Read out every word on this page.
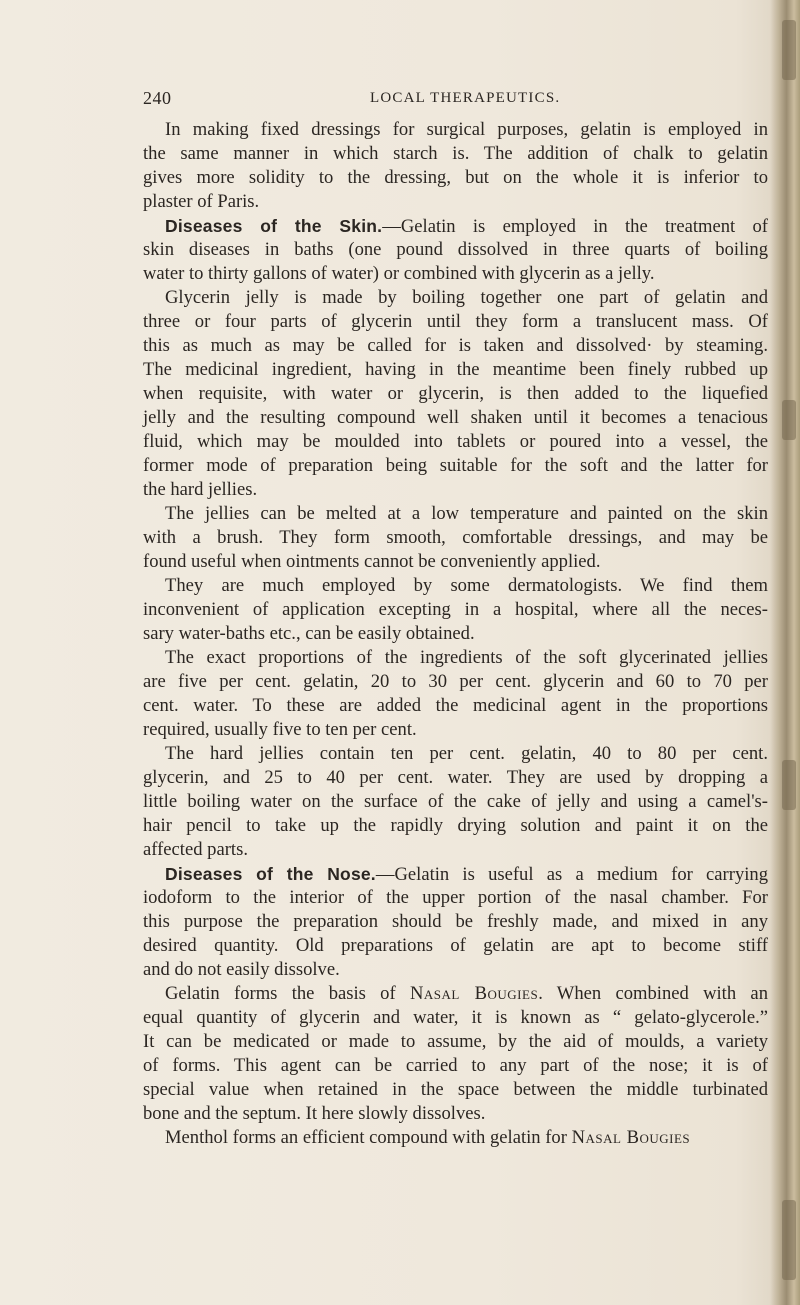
240	LOCAL THERAPEUTICS.
In making fixed dressings for surgical purposes, gelatin is employed in
the same manner in which starch is. The addition of chalk to gelatin
gives more solidity to the dressing, but on the whole it is inferior to
plaster of Paris.
Diseases of the Skin.—Gelatin is employed in the treatment of
skin diseases in baths (one pound dissolved in three quarts of boiling
water to thirty gallons of water) or combined with glycerin as a jelly.
Glycerin jelly is made by boiling together one part of gelatin and
three or four parts of glycerin until they form a translucent mass. Of
this as much as may be called for is taken and dissolved· by steaming.
The medicinal ingredient, having in the meantime been finely rubbed up
when requisite, with water or glycerin, is then added to the liquefied
jelly and the resulting compound well shaken until it becomes a tenacious
fluid, which may be moulded into tablets or poured into a vessel, the
former mode of preparation being suitable for the soft and the latter for
the hard jellies.
The jellies can be melted at a low temperature and painted on the skin
with a brush. They form smooth, comfortable dressings, and may be
found useful when ointments cannot be conveniently applied.
They are much employed by some dermatologists. We find them
inconvenient of application excepting in a hospital, where all the neces-
sary water-baths etc., can be easily obtained.
The exact proportions of the ingredients of the soft glycerinated jellies
are five per cent. gelatin, 20 to 30 per cent. glycerin and 60 to 70 per
cent. water. To these are added the medicinal agent in the proportions
required, usually five to ten per cent.
The hard jellies contain ten per cent. gelatin, 40 to 80 per cent.
glycerin, and 25 to 40 per cent. water. They are used by dropping a
little boiling water on the surface of the cake of jelly and using a camel's-
hair pencil to take up the rapidly drying solution and paint it on the
affected parts.
Diseases of the Nose.—Gelatin is useful as a medium for carrying
iodoform to the interior of the upper portion of the nasal chamber. For
this purpose the preparation should be freshly made, and mixed in any
desired quantity. Old preparations of gelatin are apt to become stiff
and do not easily dissolve.
Gelatin forms the basis of Nasal Bougies. When combined with an
equal quantity of glycerin and water, it is known as “ gelato-glycerole.”
It can be medicated or made to assume, by the aid of moulds, a variety
of forms. This agent can be carried to any part of the nose; it is of
special value when retained in the space between the middle turbinated
bone and the septum. It here slowly dissolves.
Menthol forms an efficient compound with gelatin for Nasal Bougies
